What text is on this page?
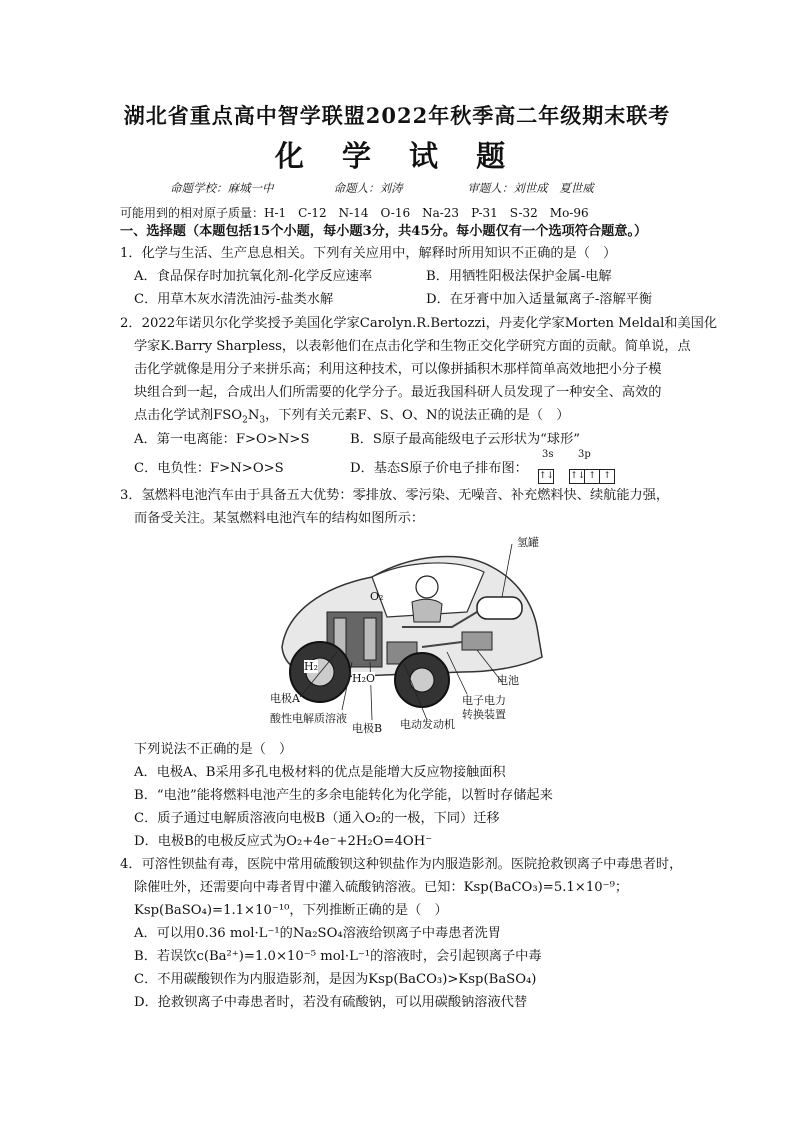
湖北省重点高中智学联盟2022年秋季高二年级期末联考
化 学 试 题
命题学校：麻城一中	命题人：刘涛	审题人：刘世成　夏世威
可能用到的相对原子质量：H-1　C-12　N-14　O-16　Na-23　P-31　S-32　Mo-96
一、选择题（本题包括15个小题，每小题3分，共45分。每小题仅有一个选项符合题意。）
1．化学与生活、生产息息相关。下列有关应用中，解释时所用知识不正确的是（　）
A．食品保存时加抗氧化剂-化学反应速率	B．用牺牲阳极法保护金属-电解
C．用草木灰水清洗油污-盐类水解	D．在牙膏中加入适量氟离子-溶解平衡
2．2022年诺贝尔化学奖授予美国化学家Carolyn.R.Bertozzi，丹麦化学家Morten Meldal和美国化
学家K.Barry Sharpless，以表彰他们在点击化学和生物正交化学研究方面的贡献。简单说，点
击化学就像是用分子来拼乐高；利用这种技术，可以像拼插积木那样简单高效地把小分子模
块组合到一起，合成出人们所需要的化学分子。最近我国科研人员发现了一种安全、高效的
点击化学试剂$FSO_2N_3$，下列有关元素F、S、O、N的说法正确的是（　）
A．第一电离能：F>O>N>S	B．S原子最高能级电子云形状为“球形”
C．电负性：F>N>O>S	D．基态S原子价电子排布图：
3s 3p
↑↓ ↑↓ ↑ ↑
3．氢燃料电池汽车由于具备五大优势：零排放、零污染、无噪音、补充燃料快、续航能力强，
而备受关注。某氢燃料电池汽车的结构如图所示：
氢罐
电池
电子电力
转换装置
电极A
酸性电解质溶液
电极B 电动发动机
O₂
H₂
H₂O
下列说法不正确的是（　）
A．电极A、B采用多孔电极材料的优点是能增大反应物接触面积
B．“电池”能将燃料电池产生的多余电能转化为化学能，以暂时存储起来
C．质子通过电解质溶液向电极B（通入O₂的一极，下同）迁移
D．电极B的电极反应式为O₂+4e⁻+2H₂O=4OH⁻
4．可溶性钡盐有毒，医院中常用硫酸钡这种钡盐作为内服造影剂。医院抢救钡离子中毒患者时，
除催吐外，还需要向中毒者胃中灌入硫酸钠溶液。已知：Ksp(BaCO₃)=5.1×10⁻⁹；
Ksp(BaSO₄)=1.1×10⁻¹⁰，下列推断正确的是（　）
A．可以用0.36 mol·L⁻¹的Na₂SO₄溶液给钡离子中毒患者洗胃
B．若误饮c(Ba²⁺)=1.0×10⁻⁵ mol·L⁻¹的溶液时，会引起钡离子中毒
C．不用碳酸钡作为内服造影剂，是因为Ksp(BaCO₃)>Ksp(BaSO₄)
D．抢救钡离子中毒患者时，若没有硫酸钠，可以用碳酸钠溶液代替
